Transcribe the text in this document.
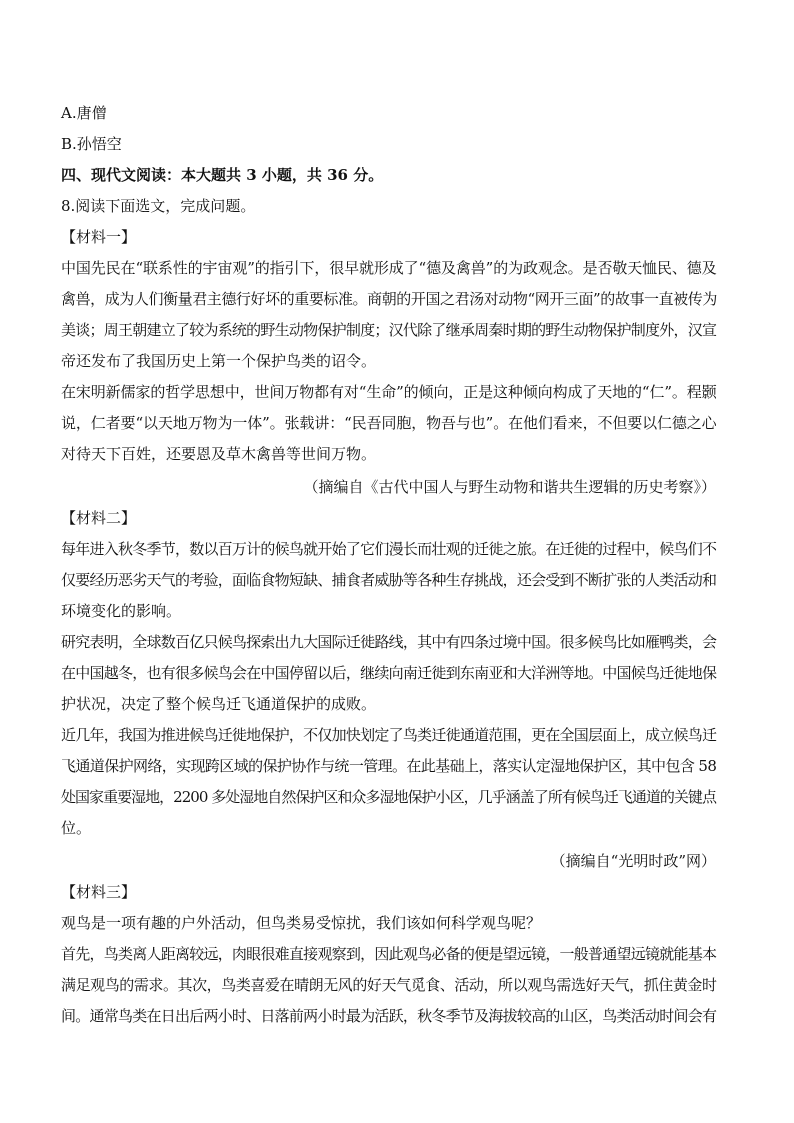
A.唐僧
B.孙悟空
四、现代文阅读：本大题共 3 小题，共 36 分。
8.阅读下面选文，完成问题。
【材料一】
中国先民在“联系性的宇宙观”的指引下，很早就形成了“德及禽兽”的为政观念。是否敬天恤民、德及
禽兽，成为人们衡量君主德行好坏的重要标准。商朝的开国之君汤对动物“网开三面”的故事一直被传为
美谈；周王朝建立了较为系统的野生动物保护制度；汉代除了继承周秦时期的野生动物保护制度外，汉宣
帝还发布了我国历史上第一个保护鸟类的诏令。
在宋明新儒家的哲学思想中，世间万物都有对“生命”的倾向，正是这种倾向构成了天地的“仁”。程颢
说，仁者要“以天地万物为一体”。张载讲：“民吾同胞，物吾与也”。在他们看来，不但要以仁德之心
对待天下百姓，还要恩及草木禽兽等世间万物。
（摘编自《古代中国人与野生动物和谐共生逻辑的历史考察》）
【材料二】
每年进入秋冬季节，数以百万计的候鸟就开始了它们漫长而壮观的迁徙之旅。在迁徙的过程中，候鸟们不
仅要经历恶劣天气的考验，面临食物短缺、捕食者威胁等各种生存挑战，还会受到不断扩张的人类活动和
环境变化的影响。
研究表明，全球数百亿只候鸟探索出九大国际迁徙路线，其中有四条过境中国。很多候鸟比如雁鸭类，会
在中国越冬，也有很多候鸟会在中国停留以后，继续向南迁徙到东南亚和大洋洲等地。中国候鸟迁徙地保
护状况，决定了整个候鸟迁飞通道保护的成败。
近几年，我国为推进候鸟迁徙地保护，不仅加快划定了鸟类迁徙通道范围，更在全国层面上，成立候鸟迁
飞通道保护网络，实现跨区域的保护协作与统一管理。在此基础上，落实认定湿地保护区，其中包含 58
处国家重要湿地，2200 多处湿地自然保护区和众多湿地保护小区，几乎涵盖了所有候鸟迁飞通道的关键点
位。
（摘编自“光明时政”网）
【材料三】
观鸟是一项有趣的户外活动，但鸟类易受惊扰，我们该如何科学观鸟呢？
首先，鸟类离人距离较远，肉眼很难直接观察到，因此观鸟必备的便是望远镜，一般普通望远镜就能基本
满足观鸟的需求。其次，鸟类喜爱在晴朗无风的好天气觅食、活动，所以观鸟需选好天气，抓住黄金时
间。通常鸟类在日出后两小时、日落前两小时最为活跃，秋冬季节及海拔较高的山区，鸟类活动时间会有
